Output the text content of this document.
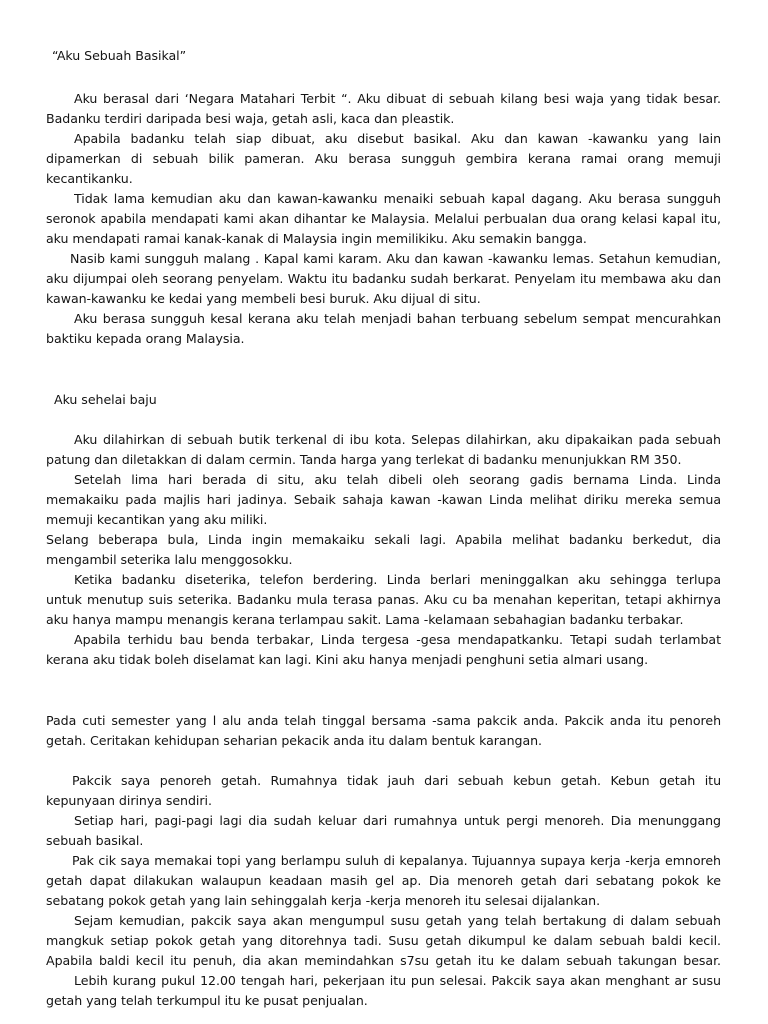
“Aku Sebuah Basikal”
Aku berasal dari ‘Negara Matahari Terbit “. Aku dibuat di sebuah kilang besi waja yang tidak besar.
Badanku terdiri daripada besi waja, getah asli, kaca dan pleastik.
Apabila badanku telah siap dibuat, aku disebut basikal. Aku dan kawan -kawanku yang lain
dipamerkan di sebuah bilik pameran. Aku berasa sungguh gembira kerana ramai orang memuji
kecantikanku.
Tidak lama kemudian aku dan kawan-kawanku menaiki sebuah kapal dagang. Aku berasa sungguh
seronok apabila mendapati kami akan dihantar ke Malaysia. Melalui perbualan dua orang kelasi kapal itu,
aku mendapati ramai kanak-kanak di Malaysia ingin memilikiku. Aku semakin bangga.
Nasib kami sungguh malang . Kapal kami karam. Aku dan kawan -kawanku lemas. Setahun kemudian,
aku dijumpai oleh seorang penyelam. Waktu itu badanku sudah berkarat. Penyelam itu membawa aku dan
kawan-kawanku ke kedai yang membeli besi buruk. Aku dijual di situ.
Aku berasa sungguh kesal kerana aku telah menjadi bahan terbuang sebelum sempat mencurahkan
baktiku kepada orang Malaysia.
Aku sehelai baju
Aku dilahirkan di sebuah butik terkenal di ibu kota. Selepas dilahirkan, aku dipakaikan pada sebuah
patung dan diletakkan di dalam cermin. Tanda harga yang terlekat di badanku menunjukkan RM 350.
Setelah lima hari berada di situ, aku telah dibeli oleh seorang gadis bernama Linda. Linda
memakaiku pada majlis hari jadinya. Sebaik sahaja kawan -kawan Linda melihat diriku mereka semua
memuji kecantikan yang aku miliki.
Selang beberapa bula, Linda ingin memakaiku sekali lagi. Apabila melihat badanku berkedut, dia
mengambil seterika lalu menggosokku.
Ketika badanku diseterika, telefon berdering. Linda berlari meninggalkan aku sehingga terlupa
untuk menutup suis seterika. Badanku mula terasa panas. Aku cu ba menahan keperitan, tetapi akhirnya
aku hanya mampu menangis kerana terlampau sakit. Lama -kelamaan sebahagian badanku terbakar.
Apabila terhidu bau benda terbakar, Linda tergesa -gesa mendapatkanku. Tetapi sudah terlambat
kerana aku tidak boleh diselamat kan lagi. Kini aku hanya menjadi penghuni setia almari usang.
Pada cuti semester yang l alu anda telah tinggal bersama -sama pakcik anda. Pakcik anda itu penoreh
getah. Ceritakan kehidupan seharian pekacik anda itu dalam bentuk karangan.
Pakcik saya penoreh getah. Rumahnya tidak jauh dari sebuah kebun getah. Kebun getah itu
kepunyaan dirinya sendiri.
Setiap hari, pagi-pagi lagi dia sudah keluar dari rumahnya untuk pergi menoreh. Dia menunggang
sebuah basikal.
Pak cik saya memakai topi yang berlampu suluh di kepalanya. Tujuannya supaya kerja -kerja emnoreh
getah dapat dilakukan walaupun keadaan masih gel ap. Dia menoreh getah dari sebatang pokok ke
sebatang pokok getah yang lain sehinggalah kerja -kerja menoreh itu selesai dijalankan.
Sejam kemudian, pakcik saya akan mengumpul susu getah yang telah bertakung di dalam sebuah
mangkuk setiap pokok getah yang ditorehnya tadi. Susu getah dikumpul ke dalam sebuah baldi kecil.
Apabila baldi kecil itu penuh, dia akan memindahkan s7su getah itu ke dalam sebuah takungan besar.
Lebih kurang pukul 12.00 tengah hari, pekerjaan itu pun selesai. Pakcik saya akan menghant ar susu
getah yang telah terkumpul itu ke pusat penjualan.
